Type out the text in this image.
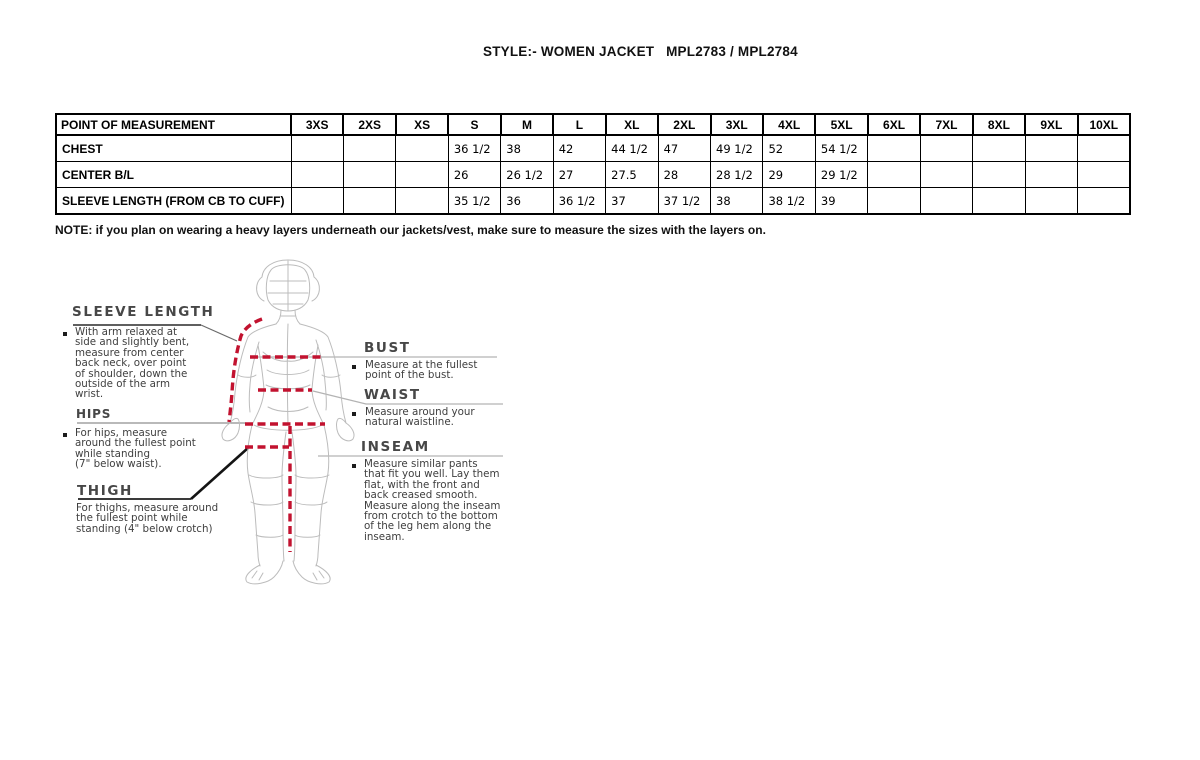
STYLE:- WOMEN JACKET   MPL2783 / MPL2784
POINT OF MEASUREMENT	3XS	2XS	XS	S	M	L	XL	2XL	3XL	4XL	5XL	6XL	7XL	8XL	9XL	10XL
CHEST				36 1/2	38	42	44 1/2	47	49 1/2	52	54 1/2					
CENTER B/L				26	26 1/2	27	27.5	28	28 1/2	29	29 1/2					
SLEEVE LENGTH (FROM CB TO CUFF)				35 1/2	36	36 1/2	37	37 1/2	38	38 1/2	39					
NOTE: if you plan on wearing a heavy layers underneath our jackets/vest, make sure to measure the sizes with the layers on.
SLEEVE LENGTH
With arm relaxed at
side and slightly bent,
measure from center
back neck, over point
of shoulder, down the
outside of the arm
wrist.
HIPS
For hips, measure
around the fullest point
while standing
(7" below waist).
THIGH
For thighs, measure around
the fullest point while
standing (4" below crotch)
BUST
Measure at the fullest
point of the bust.
WAIST
Measure around your
natural waistline.
INSEAM
Measure similar pants
that fit you well. Lay them
flat, with the front and
back creased smooth.
Measure along the inseam
from crotch to the bottom
of the leg hem along the
inseam.
